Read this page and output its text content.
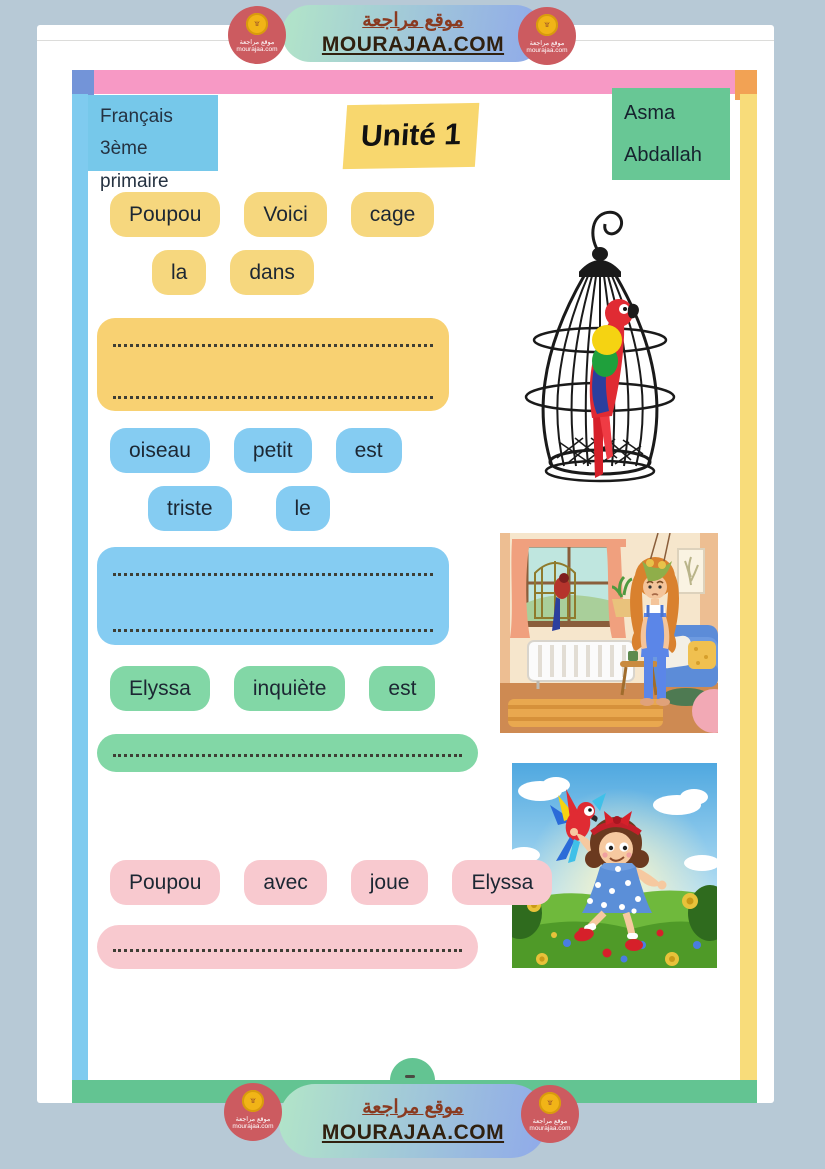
موقع مراجعة
MOURAJAA.COM
۩
موقع مراجعة
mourajaa.com
۩
موقع مراجعة
mourajaa.com
Français
3ème primaire
Unité 1
Asma
Abdallah
Poupou	Voici	cage
la	dans
oiseau	petit	est
triste	le
Elyssa	inquiète	est
Poupou	avec	joue	Elyssa
موقع مراجعة
MOURAJAA.COM
۩
موقع مراجعة
mourajaa.com
۩
موقع مراجعة
mourajaa.com
